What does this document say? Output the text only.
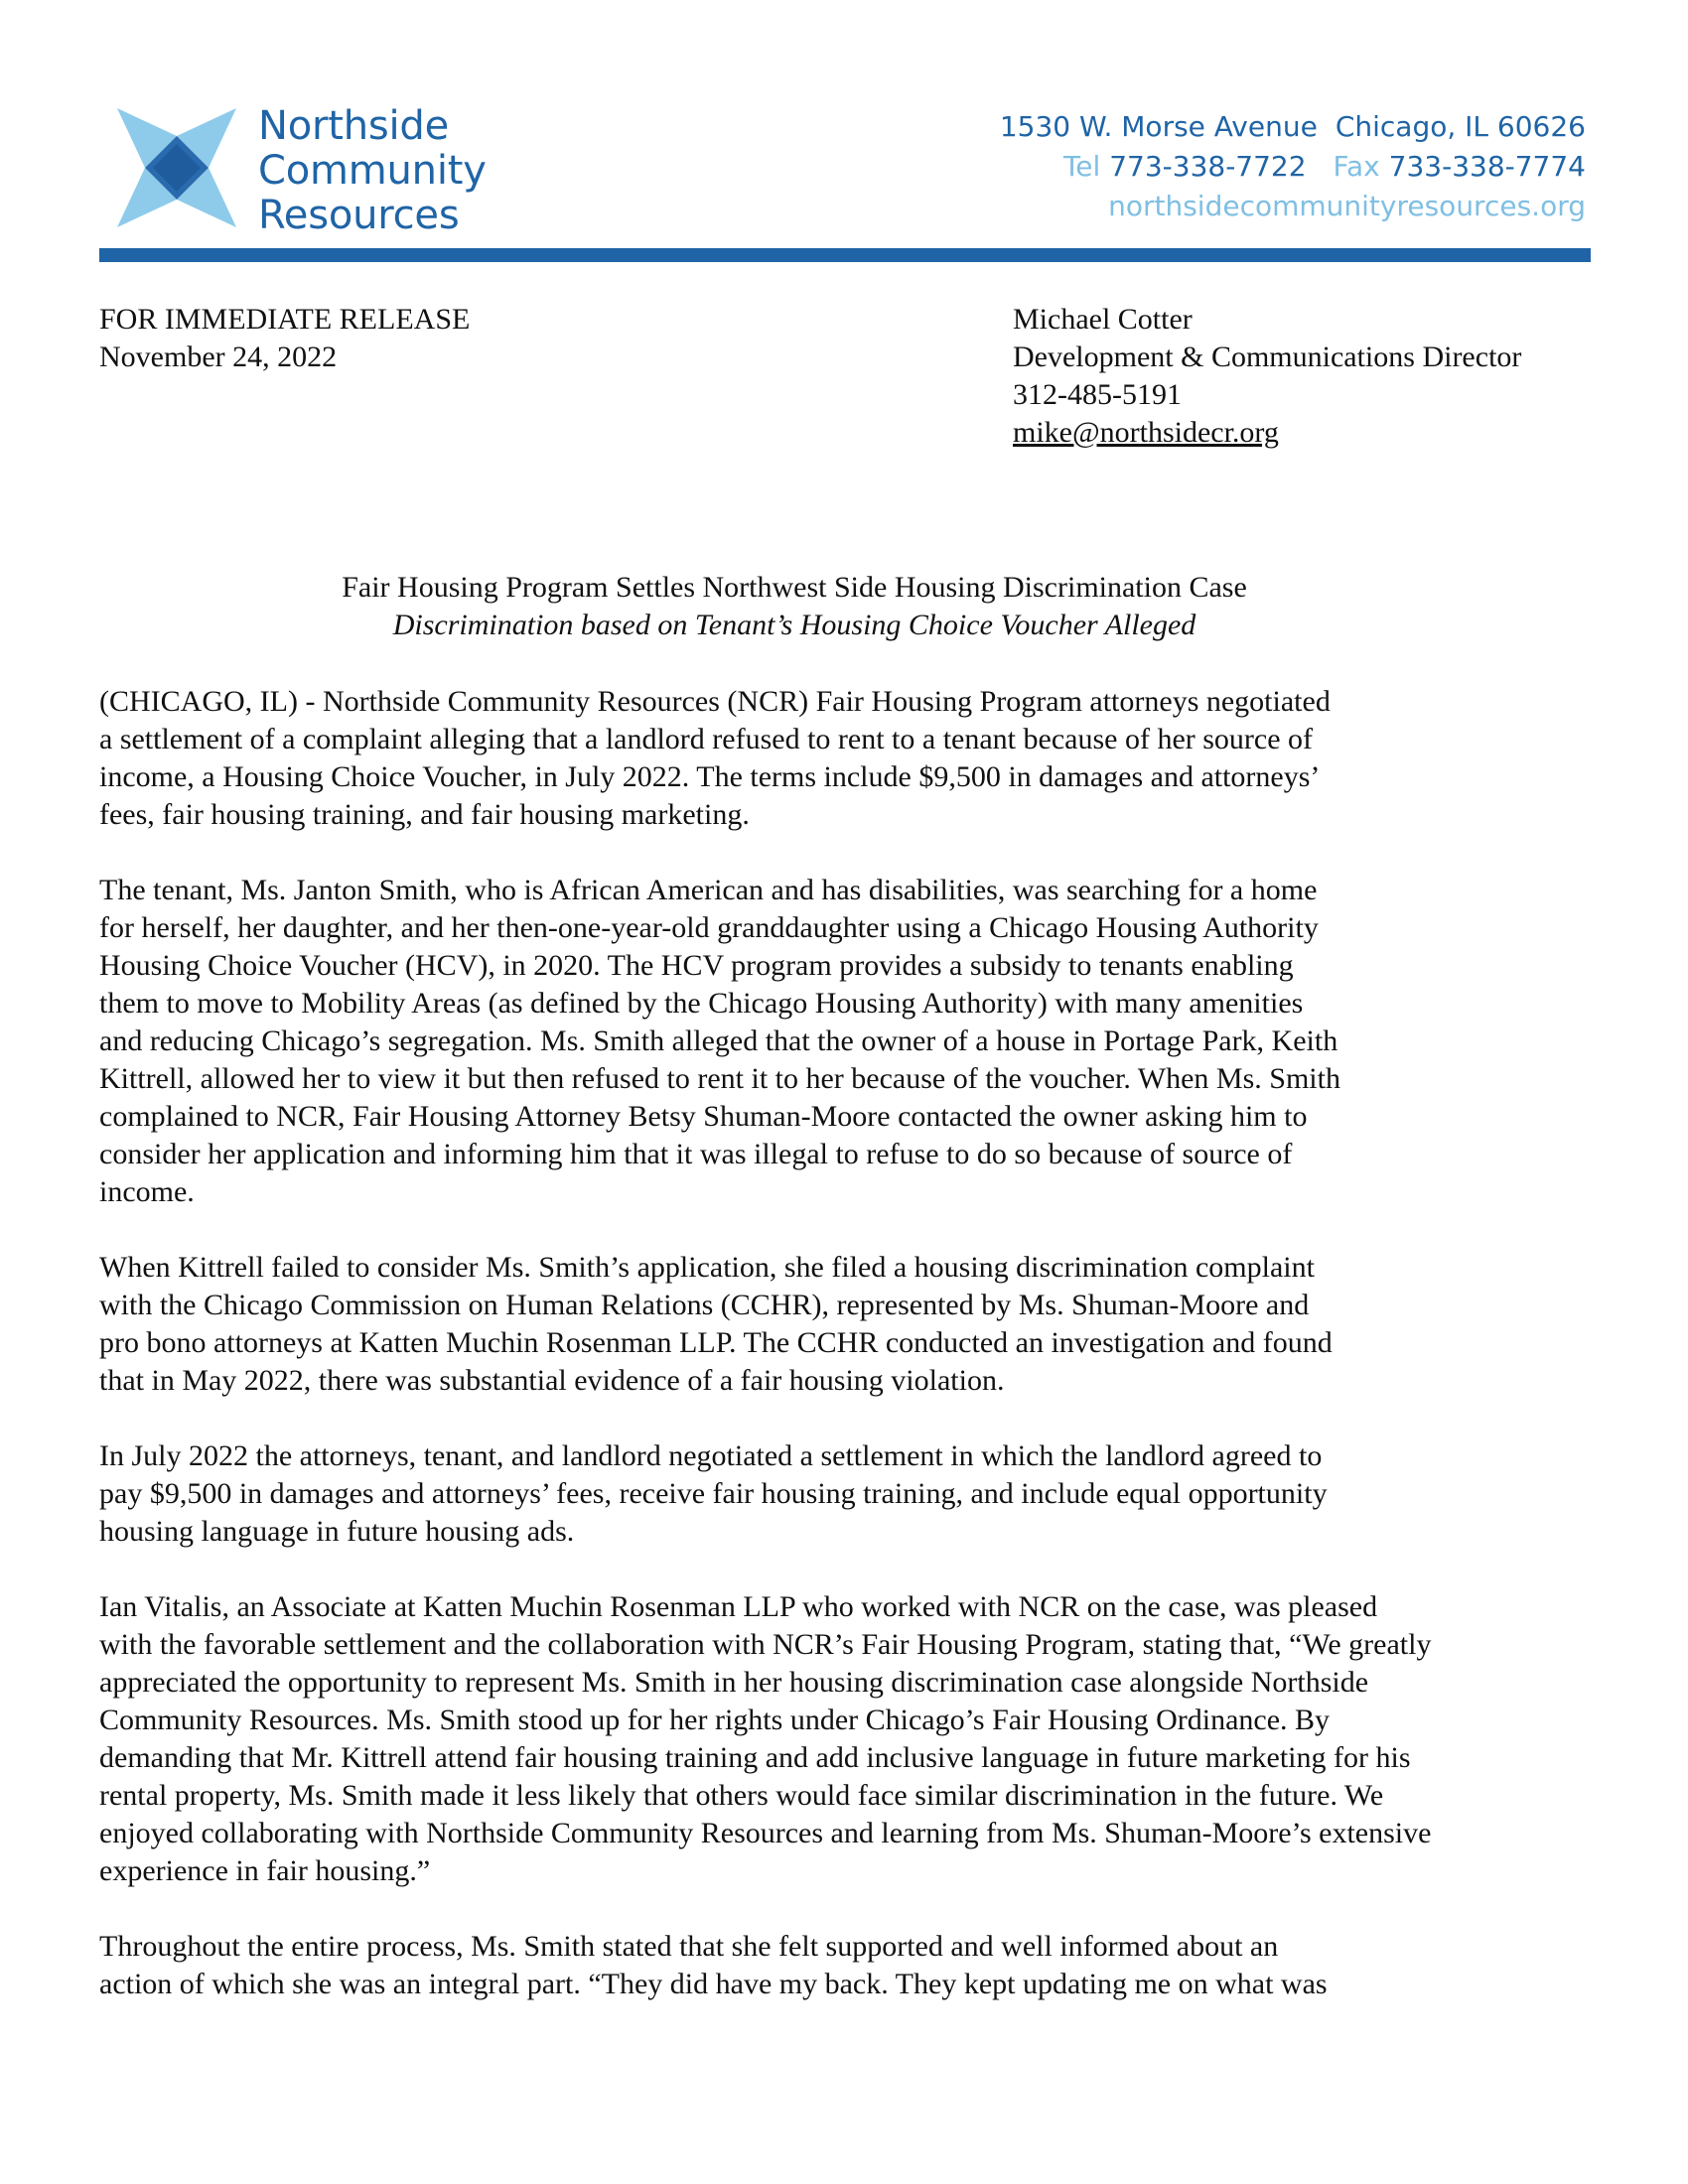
Northside
Community
Resources
1530 W. Morse Avenue Chicago, IL 60626
Tel 773-338-7722 Fax 733-338-7774
northsidecommunityresources.org
FOR IMMEDIATE RELEASE
November 24, 2022
Michael Cotter
Development & Communications Director
312-485-5191
mike@northsidecr.org
Fair Housing Program Settles Northwest Side Housing Discrimination Case
Discrimination based on Tenant’s Housing Choice Voucher Alleged
(CHICAGO, IL) - Northside Community Resources (NCR) Fair Housing Program attorneys negotiated
a settlement of a complaint alleging that a landlord refused to rent to a tenant because of her source of
income, a Housing Choice Voucher, in July 2022. The terms include $9,500 in damages and attorneys’
fees, fair housing training, and fair housing marketing.
The tenant, Ms. Janton Smith, who is African American and has disabilities, was searching for a home
for herself, her daughter, and her then-one-year-old granddaughter using a Chicago Housing Authority
Housing Choice Voucher (HCV), in 2020. The HCV program provides a subsidy to tenants enabling
them to move to Mobility Areas (as defined by the Chicago Housing Authority) with many amenities
and reducing Chicago’s segregation. Ms. Smith alleged that the owner of a house in Portage Park, Keith
Kittrell, allowed her to view it but then refused to rent it to her because of the voucher. When Ms. Smith
complained to NCR, Fair Housing Attorney Betsy Shuman-Moore contacted the owner asking him to
consider her application and informing him that it was illegal to refuse to do so because of source of
income.
When Kittrell failed to consider Ms. Smith’s application, she filed a housing discrimination complaint
with the Chicago Commission on Human Relations (CCHR), represented by Ms. Shuman-Moore and
pro bono attorneys at Katten Muchin Rosenman LLP. The CCHR conducted an investigation and found
that in May 2022, there was substantial evidence of a fair housing violation.
In July 2022 the attorneys, tenant, and landlord negotiated a settlement in which the landlord agreed to
pay $9,500 in damages and attorneys’ fees, receive fair housing training, and include equal opportunity
housing language in future housing ads.
Ian Vitalis, an Associate at Katten Muchin Rosenman LLP who worked with NCR on the case, was pleased
with the favorable settlement and the collaboration with NCR’s Fair Housing Program, stating that, “We greatly
appreciated the opportunity to represent Ms. Smith in her housing discrimination case alongside Northside
Community Resources. Ms. Smith stood up for her rights under Chicago’s Fair Housing Ordinance. By
demanding that Mr. Kittrell attend fair housing training and add inclusive language in future marketing for his
rental property, Ms. Smith made it less likely that others would face similar discrimination in the future. We
enjoyed collaborating with Northside Community Resources and learning from Ms. Shuman-Moore’s extensive
experience in fair housing.”
Throughout the entire process, Ms. Smith stated that she felt supported and well informed about an
action of which she was an integral part. “They did have my back. They kept updating me on what was
